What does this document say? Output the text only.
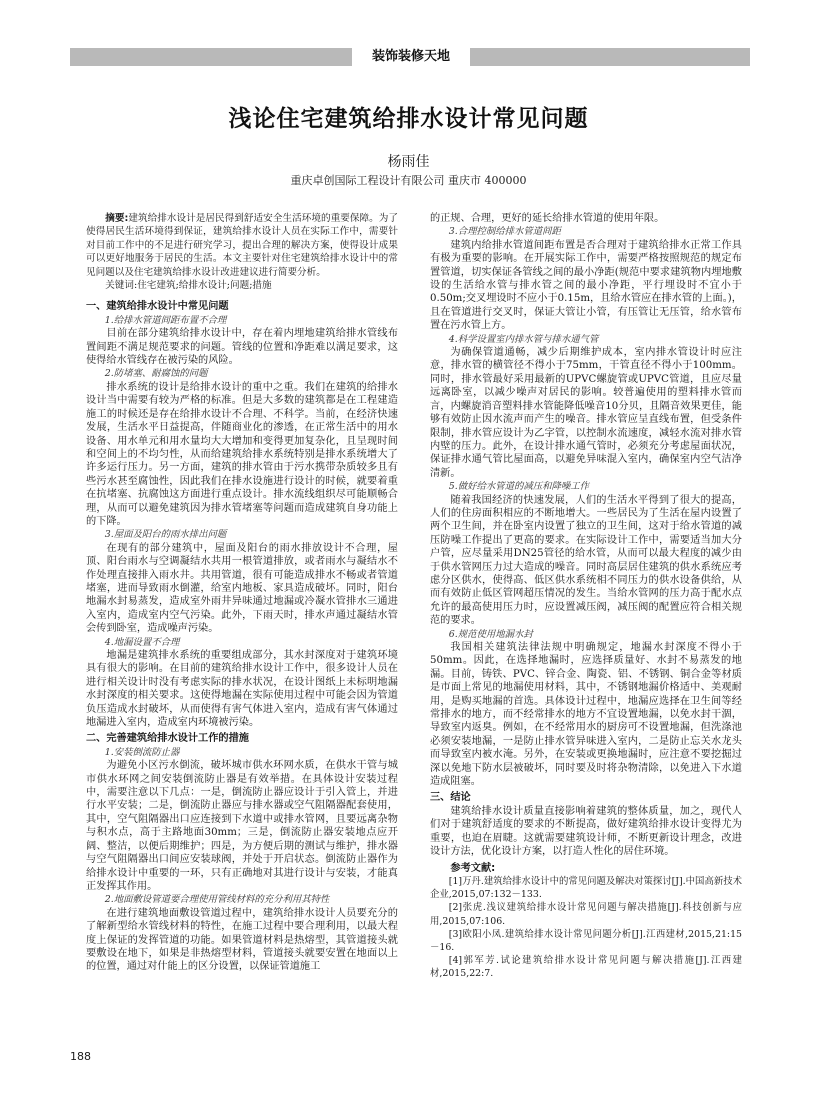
装饰装修天地
浅论住宅建筑给排水设计常见问题
杨雨佳
重庆卓创国际工程设计有限公司 重庆市 400000

摘要:建筑给排水设计是居民得到舒适安全生活环境的重要保障。为了使得居民生活环境得到保证，建筑给排水设计人员在实际工作中，需要针对目前工作中的不足进行研究学习，提出合理的解决方案，使得设计成果可以更好地服务于居民的生活。本文主要针对住宅建筑给排水设计中的常见问题以及住宅建筑给排水设计改进建议进行简要分析。

关键词:住宅建筑;给排水设计;问题;措施

一、建筑给排水设计中常见问题
1.给排水管道间距布置不合理

目前在部分建筑给排水设计中，存在着内埋地建筑给排水管线布置间距不满足规范要求的问题。管线的位置和净距难以满足要求，这使得给水管线存在被污染的风险。

2.防堵塞、耐腐蚀的问题

排水系统的设计是给排水设计的重中之重。我们在建筑的给排水设计当中需要有较为严格的标准。但是大多数的建筑都是在工程建造施工的时候还是存在给排水设计不合理、不科学。当前，在经济快速发展，生活水平日益提高，伴随商业化的渗透，在正常生活中的用水设备、用水单元和用水量均大大增加和变得更加复杂化，且呈现时间和空间上的不均匀性，从而给建筑给排水系统特别是排水系统增大了许多运行压力。另一方面，建筑的排水管由于污水携带杂质较多且有些污水甚至腐蚀性，因此我们在排水设施进行设计的时候，就要着重在抗堵塞、抗腐蚀这方面进行重点设计。排水流线组织尽可能顺畅合理，从而可以避免建筑因为排水管堵塞等问题而造成建筑自身功能上的下降。

3.屋面及阳台的雨水排出问题

在现有的部分建筑中，屋面及阳台的雨水排放设计不合理，屋顶、阳台雨水与空调凝结水共用一根管道排放，或者雨水与凝结水不作处理直接排入雨水井。共用管道，很有可能造成排水不畅或者管道堵塞，进而导致雨水倒灌，给室内地板、家具造成破坏。同时，阳台地漏水封易蒸发，造成室外雨井异味通过地漏或冷凝水管排水三通进入室内，造成室内空气污染。此外，下雨天时，排水声通过凝结水管会传到卧室，造成噪声污染。

4.地漏设置不合理

地漏是建筑排水系统的重要组成部分，其水封深度对于建筑环境具有很大的影响。在目前的建筑给排水设计工作中，很多设计人员在进行相关设计时没有考虑实际的排水状况，在设计图纸上未标明地漏水封深度的相关要求。这使得地漏在实际使用过程中可能会因为管道负压造成水封破坏，从而使得有害气体进入室内，造成有害气体通过地漏进入室内，造成室内环境被污染。

二、完善建筑给排水设计工作的措施
1.安装倒流防止器

为避免小区污水倒流，破坏城市供水环网水质，在供水干管与城市供水环网之间安装倒流防止器是有效举措。在具体设计安装过程中，需要注意以下几点：一是，倒流防止器应设计于引入管上，并进行水平安装；二是，倒流防止器应与排水器或空气阻隔器配套使用，其中，空气阻隔器出口应连接到下水道中或排水管网，且要远离杂物与积水点，高于主路地面30mm；三是，倒流防止器安装地点应开阔、整洁，以便后期维护；四是，为方便后期的测试与维护，排水器与空气阻隔器出口间应安装球阀，并处于开启状态。倒流防止器作为给排水设计中重要的一环，只有正确地对其进行设计与安装，才能真正发挥其作用。

2.地面敷设管道要合理使用管线材料的充分利用其特性

在进行建筑地面敷设管道过程中，建筑给排水设计人员要充分的了解新型给水管线材料的特性，在施工过程中要合理利用，以最大程度上保证的发挥管道的功能。如果管道材料是热熔型，其管道接头就要敷设在地下，如果是非热熔型材料，管道接头就要安置在地面以上的位置，通过对什能上的区分设置，以保证管道施工

的正规、合理，更好的延长给排水管道的使用年限。

3.合理控制给排水管道间距

建筑内给排水管道间距布置是否合理对于建筑给排水正常工作具有极为重要的影响。在开展实际工作中，需要严格按照规范的规定布置管道，切实保证各管线之间的最小净距(规范中要求建筑物内埋地敷设的生活给水管与排水管之间的最小净距，平行埋设时不宜小于0.50m;交叉埋设时不应小于0.15m，且给水管应在排水管的上面。)，且在管道进行交叉时，保证大管让小管，有压管让无压管，给水管布置在污水管上方。

4.科学设置室内排水管与排水通气管

为确保管道通畅，减少后期维护成本，室内排水管设计时应注意，排水管的横管径不得小于75mm，干管直径不得小于100mm。同时，排水管最好采用最新的UPVC螺旋管或UPVC管道，且应尽量远离卧室，以减少噪声对居民的影响。较普遍使用的塑料排水管而言，内螺旋消音塑料排水管能降低噪音10分贝，且隔音效果更佳，能够有效防止因水流声而产生的噪音。排水管应呈直线布置，但受条件限制，排水管应设计为乙字管，以控制水流速度，减轻水流对排水管内壁的压力。此外，在设计排水通气管时，必须充分考虑屋面状况，保证排水通气管比屋面高，以避免异味混入室内，确保室内空气洁净清新。

5.做好给水管道的减压和降噪工作

随着我国经济的快速发展，人们的生活水平得到了很大的提高，人们的住房面积相应的不断地增大。一些居民为了生活在屋内设置了两个卫生间，并在卧室内设置了独立的卫生间，这对于给水管道的减压防噪工作提出了更高的要求。在实际设计工作中，需要适当加大分户管，应尽量采用DN25管径的给水管，从而可以最大程度的减少由于供水管网压力过大造成的噪音。同时高层居住建筑的供水系统应考虑分区供水，使得高、低区供水系统相不同压力的供水设备供给，从而有效防止低区管网超压情况的发生。当给水管网的压力高于配水点允许的最高使用压力时，应设置减压阀，减压阀的配置应符合相关规范的要求。

6.规范使用地漏水封

我国相关建筑法律法规中明确规定，地漏水封深度不得小于50mm。因此，在选择地漏时，应选择质量好、水封不易蒸发的地漏。目前，铸铁、PVC、锌合金、陶瓷、铝、不锈钢、铜合金等材质是市面上常见的地漏使用材料，其中，不锈钢地漏价格适中、美观耐用，是购买地漏的首选。具体设计过程中，地漏应选择在卫生间等经常排水的地方，而不经常排水的地方不宜设置地漏，以免水封干涸，导致室内返臭。例如，在不经常用水的厨房可不设置地漏，但洗涤池必须安装地漏，一是防止排水管异味进入室内，二是防止忘关水龙头而导致室内被水淹。另外，在安装或更换地漏时，应注意不要挖掘过深以免地下防水层被破坏，同时要及时将杂物清除，以免进入下水道造成阻塞。

三、结论

建筑给排水设计质量直接影响着建筑的整体质量，加之，现代人们对于建筑舒适度的要求的不断提高，做好建筑给排水设计变得尤为重要，也迫在眉睫。这就需要建筑设计师，不断更新设计理念，改进设计方法，优化设计方案，以打造人性化的居住环境。

参考文献:

[1]万丹.建筑给排水设计中的常见问题及解决对策探讨[J].中国高新技术企业,2015,07:132－133.

[2]张虎.浅议建筑给排水设计常见问题与解决措施[J].科技创新与应用,2015,07:106.

[3]欧阳小凤.建筑给排水设计常见问题分析[J].江西建材,2015,21:15－16.

[4]郭军芳.试论建筑给排水设计常见问题与解决措施[J].江西建材,2015,22:7.

188
